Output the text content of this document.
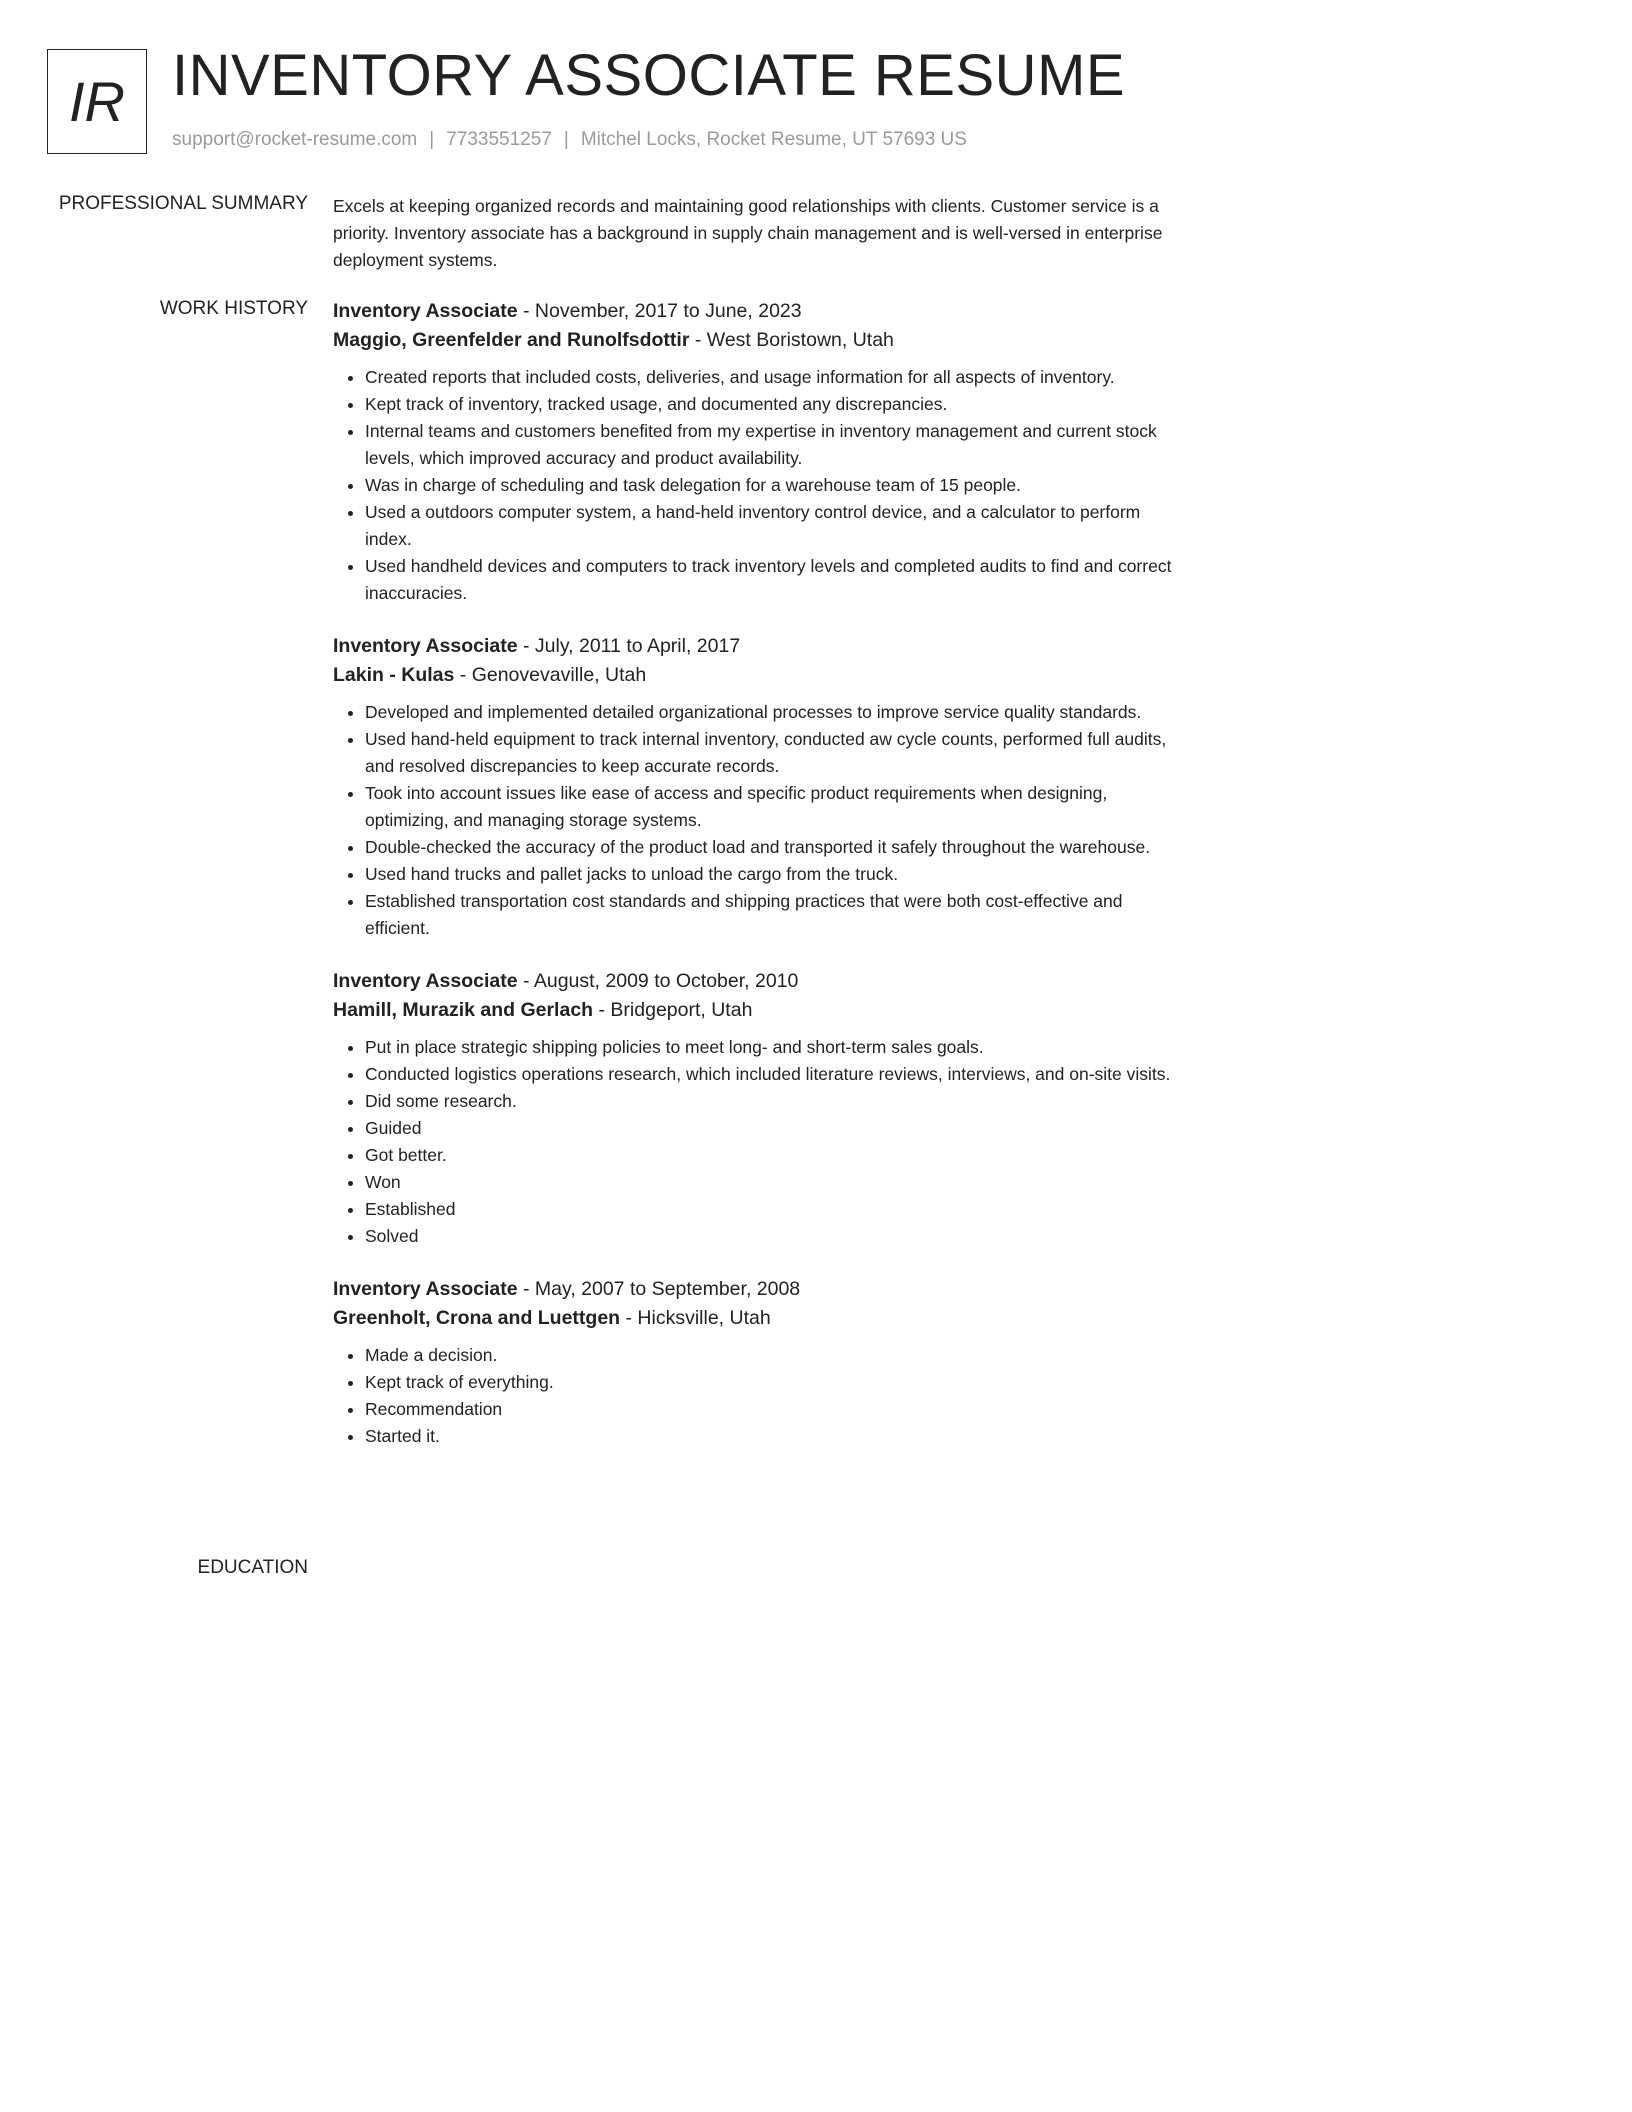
IR INVENTORY ASSOCIATE RESUME
support@rocket-resume.com | 7733551257 | Mitchel Locks, Rocket Resume, UT 57693 US
PROFESSIONAL SUMMARY Excels at keeping organized records and maintaining good relationships with clients. Customer service is a priority. Inventory associate has a background in supply chain management and is well-versed in enterprise deployment systems.

WORK HISTORY Inventory Associate - November, 2017 to June, 2023
Maggio, Greenfelder and Runolfsdottir - West Boristown, Utah
• Created reports that included costs, deliveries, and usage information for all aspects of inventory.
• Kept track of inventory, tracked usage, and documented any discrepancies.
• Internal teams and customers benefited from my expertise in inventory management and current stock levels, which improved accuracy and product availability.
• Was in charge of scheduling and task delegation for a warehouse team of 15 people.
• Used a outdoors computer system, a hand-held inventory control device, and a calculator to perform index.
• Used handheld devices and computers to track inventory levels and completed audits to find and correct inaccuracies.
Inventory Associate - July, 2011 to April, 2017
Lakin - Kulas - Genovevaville, Utah
• Developed and implemented detailed organizational processes to improve service quality standards.
• Used hand-held equipment to track internal inventory, conducted aw cycle counts, performed full audits, and resolved discrepancies to keep accurate records.
• Took into account issues like ease of access and specific product requirements when designing, optimizing, and managing storage systems.
• Double-checked the accuracy of the product load and transported it safely throughout the warehouse.
• Used hand trucks and pallet jacks to unload the cargo from the truck.
• Established transportation cost standards and shipping practices that were both cost-effective and efficient.
Inventory Associate - August, 2009 to October, 2010
Hamill, Murazik and Gerlach - Bridgeport, Utah
• Put in place strategic shipping policies to meet long- and short-term sales goals.
• Conducted logistics operations research, which included literature reviews, interviews, and on-site visits.
• Did some research.
• Guided
• Got better.
• Won
• Established
• Solved
Inventory Associate - May, 2007 to September, 2008
Greenholt, Crona and Luettgen - Hicksville, Utah
• Made a decision.
• Kept track of everything.
• Recommendation
• Started it.
EDUCATION
